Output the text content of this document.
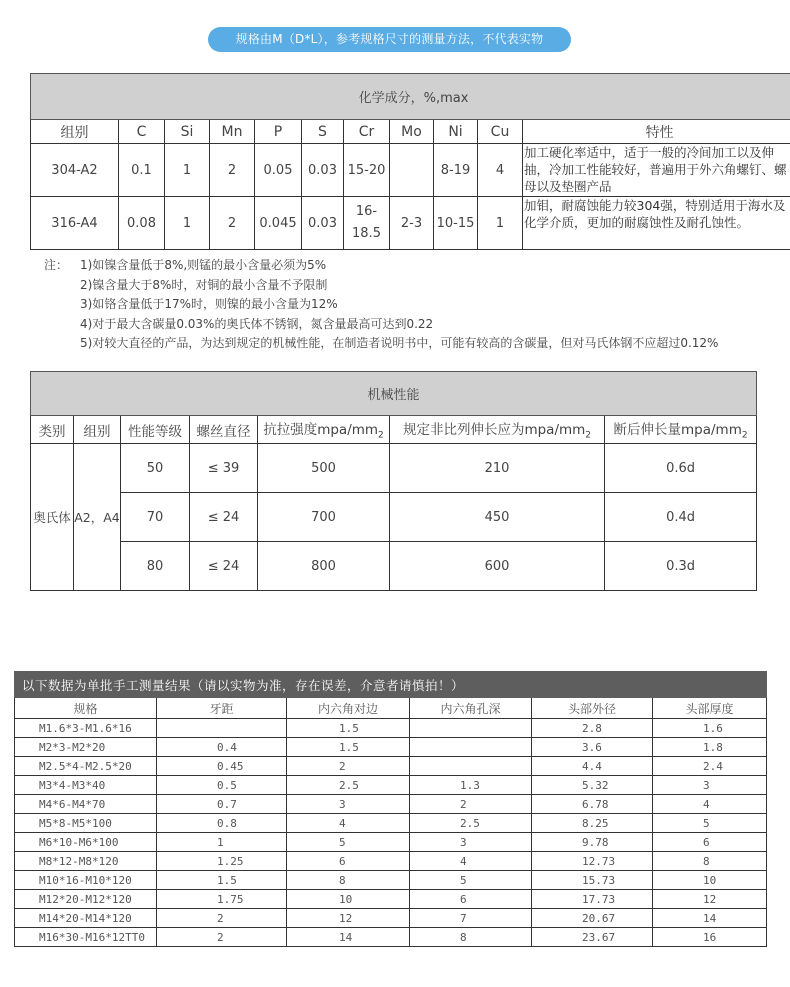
规格由M（D*L），参考规格尺寸的测量方法，不代表实物
化学成分，%,max										
组别	C	Si	Mn	P	S	Cr	Mo	Ni	Cu	特性
304-A2	0.1	1	2	0.05	0.03	15-20		8-19	4	加工硬化率适中，适于一般的冷间加工以及伸抽，冷加工性能较好，普遍用于外六角螺钉、螺母以及垫圈产品
316-A4	0.08	1	2	0.045	0.03	16-18.5	2-3	10-15	1	加钼，耐腐蚀能力较304强，特别适用于海水及化学介质，更加的耐腐蚀性及耐孔蚀性。
注： 1)如镍含量低于8%,则锰的最小含量必须为5%
2)镍含量大于8%时，对铜的最小含量不予限制
3)如铬含量低于17%时，则镍的最小含量为12%
4)对于最大含碳量0.03%的奥氏体不锈钢，氮含量最高可达到0.22
5)对较大直径的产品，为达到规定的机械性能，在制造者说明书中，可能有较高的含碳量，但对马氏体钢不应超过0.12%
机械性能						
类别	组别	性能等级	螺丝直径	抗拉强度mpa/$mm_2$	规定非比列伸长应为mpa/$mm_2$	断后伸长量mpa/$mm_2$
奥氏体	A2，A4	50	≤ 39	500	210	0.6d
		70	≤ 24	700	450	0.4d
		80	≤ 24	800	600	0.3d
以下数据为单批手工测量结果（请以实物为准，存在误差，介意者请慎拍！）					
规格	牙距	内六角对边	内六角孔深	头部外径	头部厚度
M1.6*3-M1.6*16		1.5		2.8	1.6
M2*3-M2*20	0.4	1.5		3.6	1.8
M2.5*4-M2.5*20	0.45	2		4.4	2.4
M3*4-M3*40	0.5	2.5	1.3	5.32	3
M4*6-M4*70	0.7	3	2	6.78	4
M5*8-M5*100	0.8	4	2.5	8.25	5
M6*10-M6*100	1	5	3	9.78	6
M8*12-M8*120	1.25	6	4	12.73	8
M10*16-M10*120	1.5	8	5	15.73	10
M12*20-M12*120	1.75	10	6	17.73	12
M14*20-M14*120	2	12	7	20.67	14
M16*30-M16*12TT0	2	14	8	23.67	16
